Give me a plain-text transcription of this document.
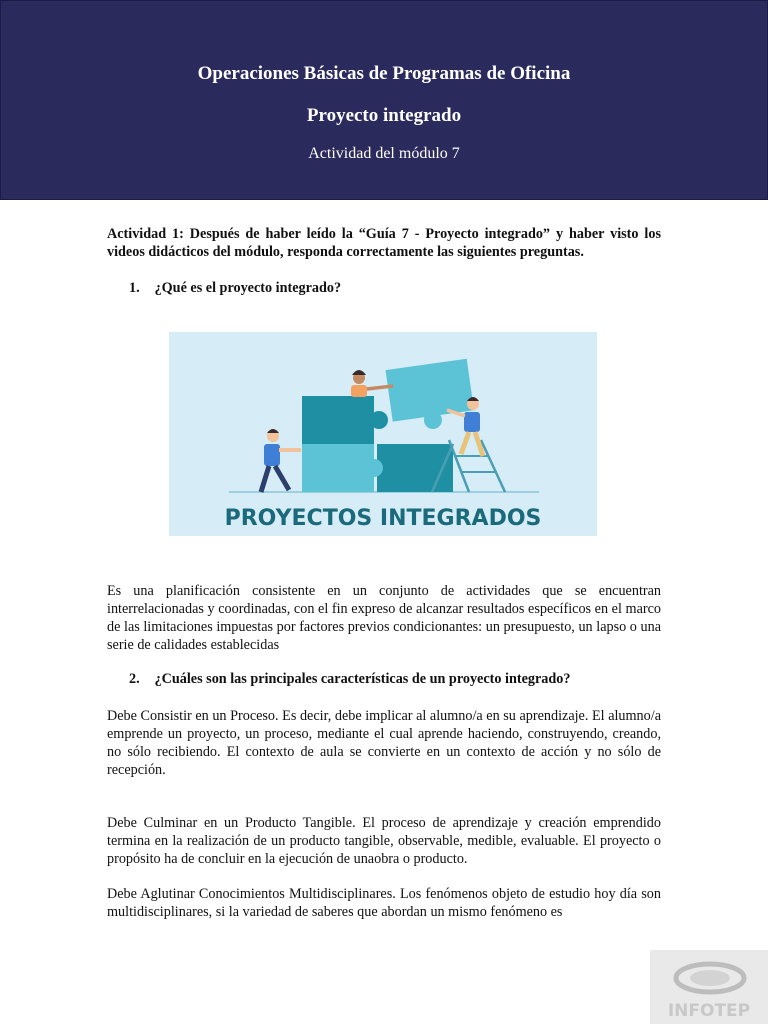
Operaciones Básicas de Programas de Oficina
Proyecto integrado
Actividad del módulo 7
Actividad 1: Después de haber leído la “Guía 7 - Proyecto integrado” y haber visto los videos didácticos del módulo, responda correctamente las siguientes preguntas.
1. ¿Qué es el proyecto integrado?
PROYECTOS INTEGRADOS
Es una planificación consistente en un conjunto de actividades que se encuentran interrelacionadas y coordinadas, con el fin expreso de alcanzar resultados específicos en el marco de las limitaciones impuestas por factores previos condicionantes: un presupuesto, un lapso o una serie de calidades establecidas
2. ¿Cuáles son las principales características de un proyecto integrado?
Debe Consistir en un Proceso. Es decir, debe implicar al alumno/a en su aprendizaje. El alumno/a emprende un proyecto, un proceso, mediante el cual aprende haciendo, construyendo, creando, no sólo recibiendo. El contexto de aula se convierte en un contexto de acción y no sólo de recepción.
Debe Culminar en un Producto Tangible. El proceso de aprendizaje y creación emprendido termina en la realización de un producto tangible, observable, medible, evaluable. El proyecto o propósito ha de concluir en la ejecución de unaobra o producto.
Debe Aglutinar Conocimientos Multidisciplinares. Los fenómenos objeto de estudio hoy día son multidisciplinares, si la variedad de saberes que abordan un mismo fenómeno es
INFOTEP
